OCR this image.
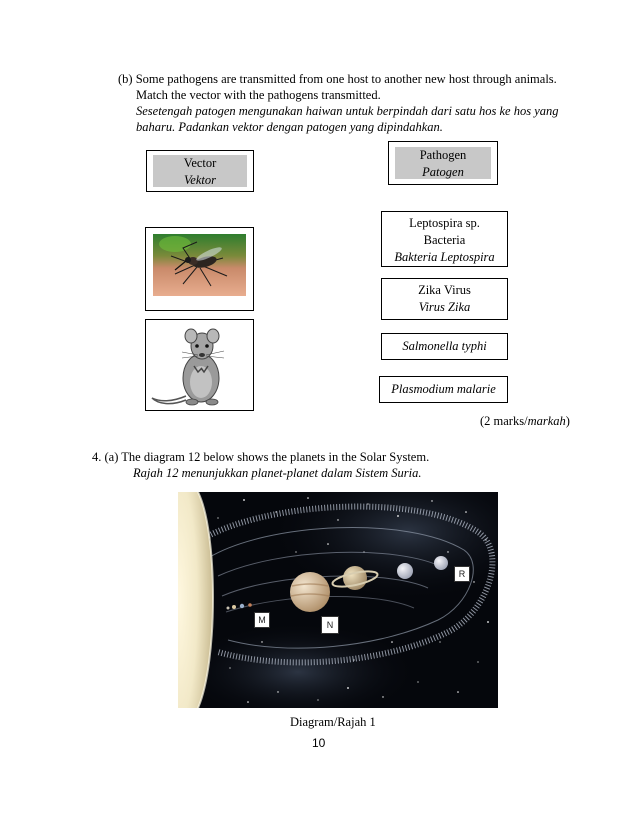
(b) Some pathogens are transmitted from one host to another new host through animals.
Match the vector with the pathogens transmitted.
Sesetengah patogen mengunakan haiwan untuk berpindah dari satu hos ke hos yang
baharu. Padankan vektor dengan patogen yang dipindahkan.
Vector
Vektor
Pathogen
Patogen
Leptospira sp.
Bacteria
Bakteria Leptospira
Zika Virus
Virus Zika
Salmonella typhi
Plasmodium malarie
(2 marks/markah)
4. (a) The diagram 12 below shows the planets in the Solar System.
Rajah 12 menunjukkan planet-planet dalam Sistem Suria.
M	N
R
Diagram/Rajah 1
10
